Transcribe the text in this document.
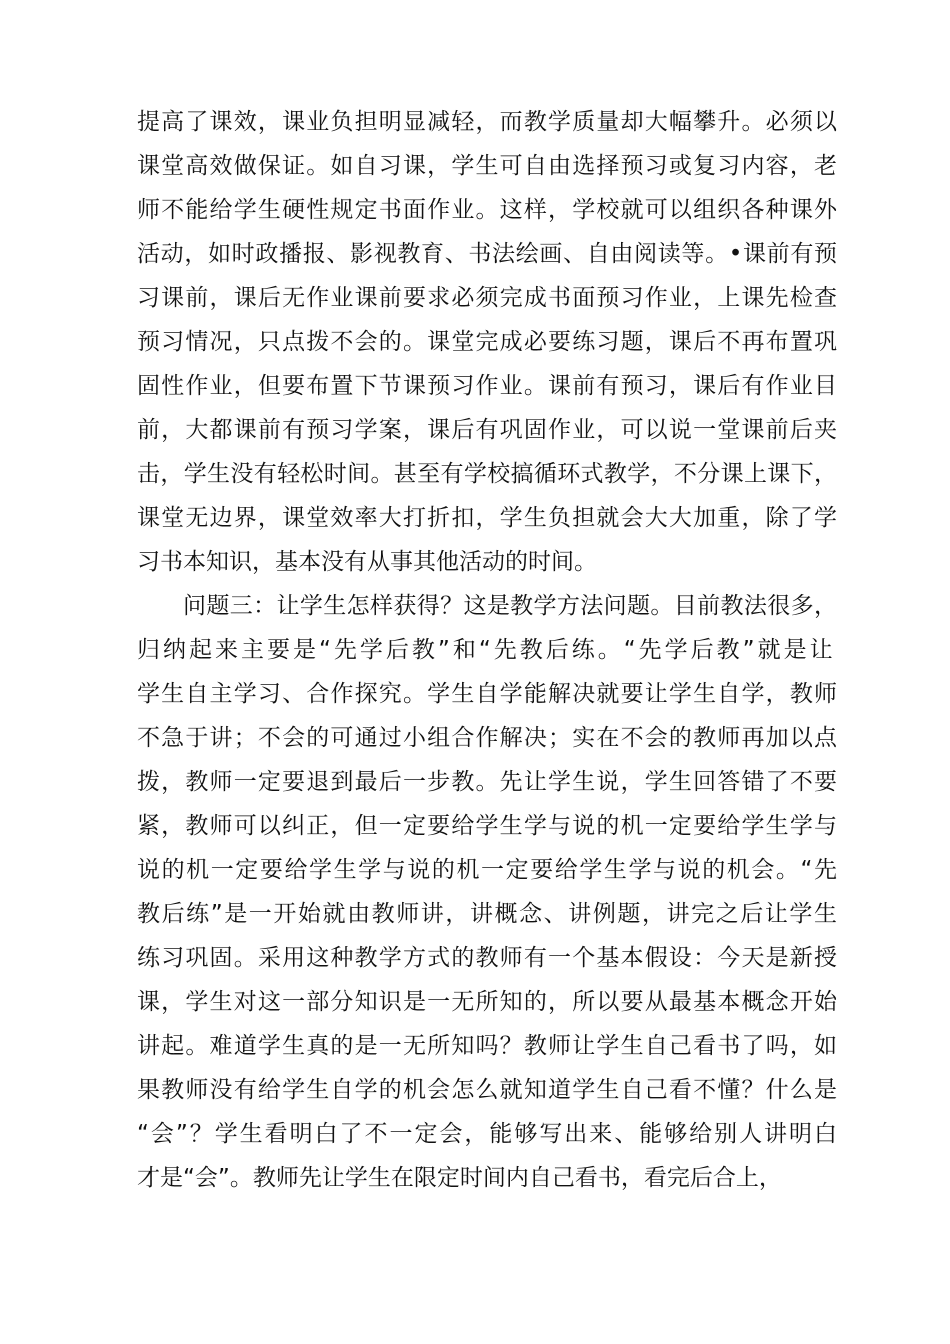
提高了课效，课业负担明显减轻，而教学质量却大幅攀升。必须以
课堂高效做保证。如自习课，学生可自由选择预习或复习内容，老
师不能给学生硬性规定书面作业。这样，学校就可以组织各种课外
活动，如时政播报、影视教育、书法绘画、自由阅读等。•课前有预
习课前，课后无作业课前要求必须完成书面预习作业，上课先检查
预习情况，只点拨不会的。课堂完成必要练习题，课后不再布置巩
固性作业，但要布置下节课预习作业。课前有预习，课后有作业目
前，大都课前有预习学案，课后有巩固作业，可以说一堂课前后夹
击，学生没有轻松时间。甚至有学校搞循环式教学，不分课上课下，
课堂无边界，课堂效率大打折扣，学生负担就会大大加重，除了学
习书本知识，基本没有从事其他活动的时间。
问题三：让学生怎样获得？这是教学方法问题。目前教法很多，
归纳起来主要是“先学后教”和“先教后练。“先学后教”就是让
学生自主学习、合作探究。学生自学能解决就要让学生自学，教师
不急于讲；不会的可通过小组合作解决；实在不会的教师再加以点
拨，教师一定要退到最后一步教。先让学生说，学生回答错了不要
紧，教师可以纠正，但一定要给学生学与说的机一定要给学生学与
说的机一定要给学生学与说的机一定要给学生学与说的机会。“先
教后练”是一开始就由教师讲，讲概念、讲例题，讲完之后让学生
练习巩固。采用这种教学方式的教师有一个基本假设：今天是新授
课，学生对这一部分知识是一无所知的，所以要从最基本概念开始
讲起。难道学生真的是一无所知吗？教师让学生自己看书了吗，如
果教师没有给学生自学的机会怎么就知道学生自己看不懂？什么是
“会”？学生看明白了不一定会，能够写出来、能够给别人讲明白
才是“会”。教师先让学生在限定时间内自己看书，看完后合上，
